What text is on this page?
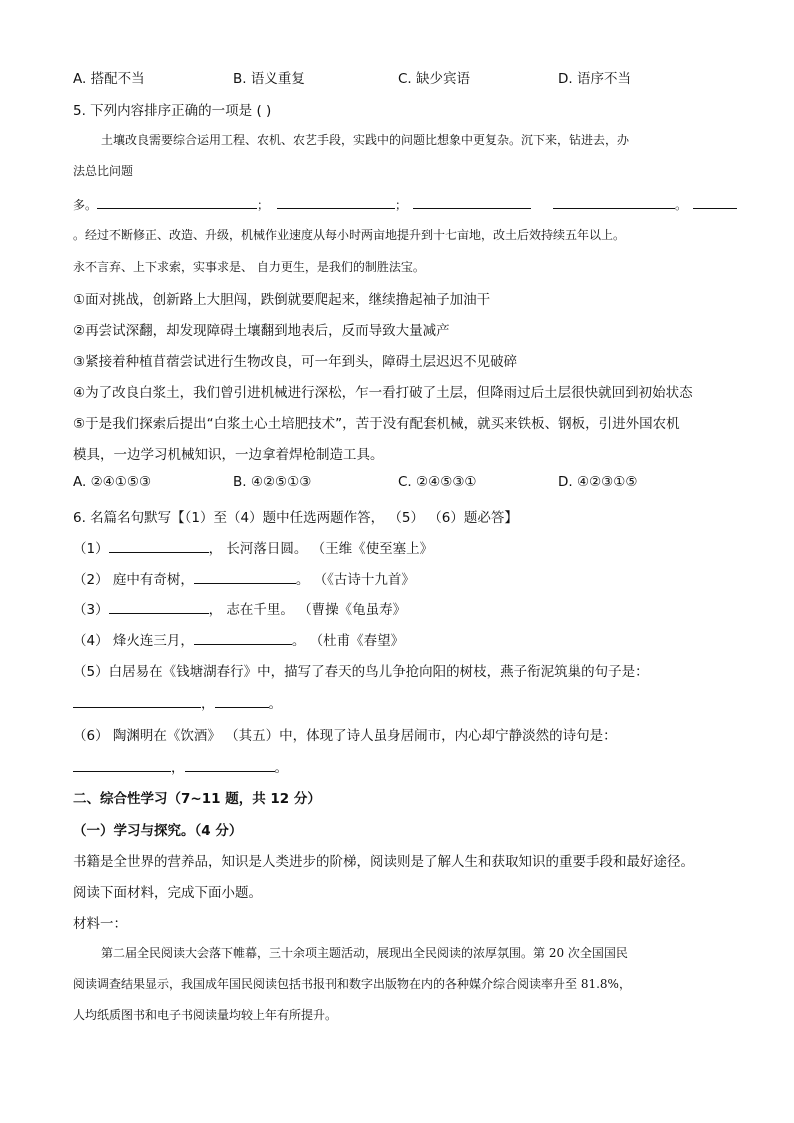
A. 搭配不当	B. 语义重复	C. 缺少宾语	D. 语序不当
5. 下列内容排序正确的一项是 ( )
土壤改良需要综合运用工程、农机、农艺手段，实践中的问题比想象中更复杂。沉下来，钻进去，办
法总比问题
多。	；	；	。
。经过不断修正、改造、升级，机械作业速度从每小时两亩地提升到十七亩地，改土后效持续五年以上。
永不言弃、上下求索，实事求是、 自力更生，是我们的制胜法宝。
①面对挑战，创新路上大胆闯，跌倒就要爬起来，继续撸起袖子加油干
②再尝试深翻，却发现障碍土壤翻到地表后，反而导致大量减产
③紧接着种植苜蓿尝试进行生物改良，可一年到头，障碍土层迟迟不见破碎
④为了改良白浆土，我们曾引进机械进行深松，乍一看打破了土层，但降雨过后土层很快就回到初始状态
⑤于是我们探索后提出“白浆土心土培肥技术”，苦于没有配套机械，就买来铁板、钢板，引进外国农机
模具，一边学习机械知识，一边拿着焊枪制造工具。
A. ②④①⑤③	B. ④②⑤①③	C. ②④⑤③①	D. ④②③①⑤
6. 名篇名句默写【（1）至（4）题中任选两题作答， （5） （6）题必答】
（1）	， 长河落日圆。 （王维《使至塞上》
（2） 庭中有奇树，	。 （《古诗十九首》
（3）	， 志在千里。 （曹操《龟虽寿》
（4） 烽火连三月，	。 （杜甫《春望》
（5）白居易在《钱塘湖春行》中，描写了春天的鸟儿争抢向阳的树枝，燕子衔泥筑巢的句子是：
，	。
（6） 陶渊明在《饮酒》 （其五）中，体现了诗人虽身居闹市，内心却宁静淡然的诗句是：
，	。
二、综合性学习（7~11 题，共 12 分）
（一）学习与探究。（4 分）
书籍是全世界的营养品，知识是人类进步的阶梯，阅读则是了解人生和获取知识的重要手段和最好途径。
阅读下面材料，完成下面小题。
材料一：
第二届全民阅读大会落下帷幕，三十余项主题活动，展现出全民阅读的浓厚氛围。第 20 次全国国民
阅读调查结果显示，我国成年国民阅读包括书报刊和数字出版物在内的各种媒介综合阅读率升至 81.8%，
人均纸质图书和电子书阅读量均较上年有所提升。
